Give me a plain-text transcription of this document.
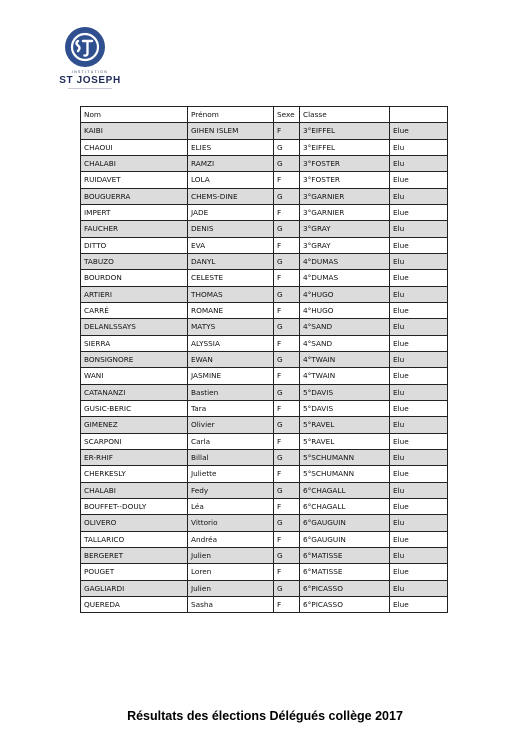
INSTITUTION
ST JOSEPH
Nom	Prénom	Sexe	Classe	
KAIBI	GIHEN ISLEM	F	3°EIFFEL	Elue
CHAOUI	ELIES	G	3°EIFFEL	Elu
CHALABI	RAMZI	G	3°FOSTER	Elu
RUIDAVET	LOLA	F	3°FOSTER	Elue
BOUGUERRA	CHEMS-DINE	G	3°GARNIER	Elu
IMPERT	JADE	F	3°GARNIER	Elue
FAUCHER	DENIS	G	3°GRAY	Elu
DITTO	EVA	F	3°GRAY	Elue
TABUZO	DANYL	G	4°DUMAS	Elu
BOURDON	CELESTE	F	4°DUMAS	Elue
ARTIERI	THOMAS	G	4°HUGO	Elu
CARRÉ	ROMANE	F	4°HUGO	Elue
DELANLSSAYS	MATYS	G	4°SAND	Elu
SIERRA	ALYSSIA	F	4°SAND	Elue
BONSIGNORE	EWAN	G	4°TWAIN	Elu
WANI	JASMINE	F	4°TWAIN	Elue
CATANANZI	Bastien	G	5°DAVIS	Elu
GUSIC-BERIC	Tara	F	5°DAVIS	Elue
GIMENEZ	Olivier	G	5°RAVEL	Elu
SCARPONI	Carla	F	5°RAVEL	Elue
ER-RHIF	Billal	G	5°SCHUMANN	Elu
CHERKESLY	Juliette	F	5°SCHUMANN	Elue
CHALABI	Fedy	G	6°CHAGALL	Elu
BOUFFET--DOULY	Léa	F	6°CHAGALL	Elue
OLIVERO	Vittorio	G	6°GAUGUIN	Elu
TALLARICO	Andréa	F	6°GAUGUIN	Elue
BERGERET	Julien	G	6°MATISSE	Elu
POUGET	Loren	F	6°MATISSE	Elue
GAGLIARDI	Julien	G	6°PICASSO	Elu
QUEREDA	Sasha	F	6°PICASSO	Elue
Résultats des élections Délégués collège 2017
